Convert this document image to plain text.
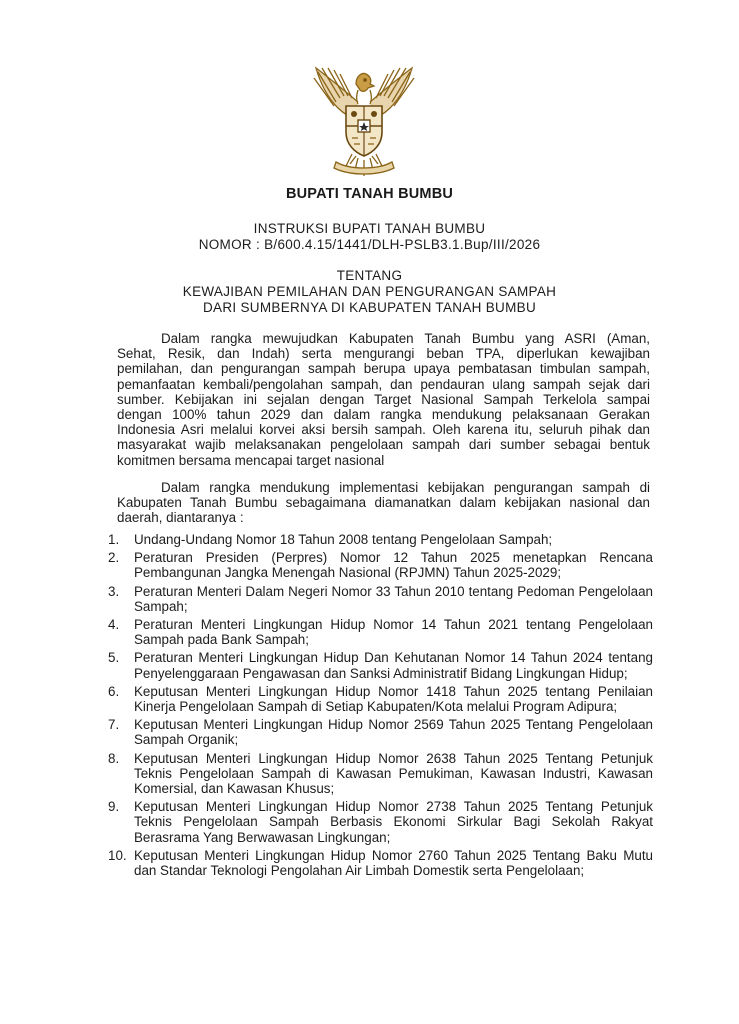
BUPATI TANAH BUMBU
INSTRUKSI BUPATI TANAH BUMBU
NOMOR : B/600.4.15/1441/DLH-PSLB3.1.Bup/III/2026
TENTANG
KEWAJIBAN PEMILAHAN DAN PENGURANGAN SAMPAH
DARI SUMBERNYA DI KABUPATEN TANAH BUMBU

Dalam rangka mewujudkan Kabupaten Tanah Bumbu yang ASRI (Aman,
Sehat, Resik, dan Indah) serta mengurangi beban TPA, diperlukan kewajiban
pemilahan, dan pengurangan sampah berupa upaya pembatasan timbulan sampah,
pemanfaatan kembali/pengolahan sampah, dan pendauran ulang sampah sejak dari
sumber. Kebijakan ini sejalan dengan Target Nasional Sampah Terkelola sampai
dengan 100% tahun 2029 dan dalam rangka mendukung pelaksanaan Gerakan
Indonesia Asri melalui korvei aksi bersih sampah. Oleh karena itu, seluruh pihak dan
masyarakat wajib melaksanakan pengelolaan sampah dari sumber sebagai bentuk
komitmen bersama mencapai target nasional

Dalam rangka mendukung implementasi kebijakan pengurangan sampah di
Kabupaten Tanah Bumbu sebagaimana diamanatkan dalam kebijakan nasional dan
daerah, diantaranya :

1.	Undang-Undang Nomor 18 Tahun 2008 tentang Pengelolaan Sampah;
2.	Peraturan Presiden (Perpres) Nomor 12 Tahun 2025 menetapkan Rencana Pembangunan Jangka Menengah Nasional (RPJMN) Tahun 2025-2029;
3.	Peraturan Menteri Dalam Negeri Nomor 33 Tahun 2010 tentang Pedoman Pengelolaan Sampah;
4.	Peraturan Menteri Lingkungan Hidup Nomor 14 Tahun 2021 tentang Pengelolaan Sampah pada Bank Sampah;
5.	Peraturan Menteri Lingkungan Hidup Dan Kehutanan Nomor 14 Tahun 2024 tentang Penyelenggaraan Pengawasan dan Sanksi Administratif Bidang Lingkungan Hidup;
6.	Keputusan Menteri Lingkungan Hidup Nomor 1418 Tahun 2025 tentang Penilaian Kinerja Pengelolaan Sampah di Setiap Kabupaten/Kota melalui Program Adipura;
7.	Keputusan Menteri Lingkungan Hidup Nomor 2569 Tahun 2025 Tentang Pengelolaan Sampah Organik;
8.	Keputusan Menteri Lingkungan Hidup Nomor 2638 Tahun 2025 Tentang Petunjuk Teknis Pengelolaan Sampah di Kawasan Pemukiman, Kawasan Industri, Kawasan Komersial, dan Kawasan Khusus;
9.	Keputusan Menteri Lingkungan Hidup Nomor 2738 Tahun 2025 Tentang Petunjuk Teknis Pengelolaan Sampah Berbasis Ekonomi Sirkular Bagi Sekolah Rakyat Berasrama Yang Berwawasan Lingkungan;
10. Keputusan Menteri Lingkungan Hidup Nomor 2760 Tahun 2025 Tentang Baku Mutu dan Standar Teknologi Pengolahan Air Limbah Domestik serta Pengelolaan;
